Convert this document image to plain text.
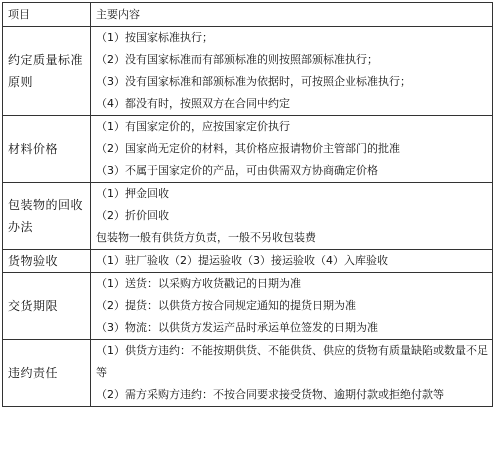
项目	主要内容
约定质量标准原则	（1）按国家标准执行；
（2）没有国家标准而有部颁标准的则按照部颁标准执行；
（3）没有国家标准和部颁标准为依据时，可按照企业标准执行；
（4）都没有时，按照双方在合同中约定

材料价格	（1）有国家定价的，应按国家定价执行
（2）国家尚无定价的材料，其价格应报请物价主管部门的批准
（3）不属于国家定价的产品，可由供需双方协商确定价格

包装物的回收办法	（1）押金回收
（2）折价回收
包装物一般有供货方负责，一般不另收包装费

货物验收	（1）驻厂验收（2）提运验收（3）接运验收（4）入库验收

交货期限	（1）送货：以采购方收货戳记的日期为准
（2）提货：以供货方按合同规定通知的提货日期为准
（3）物流：以供货方发运产品时承运单位签发的日期为准

违约责任	（1）供货方违约：不能按期供货、不能供货、供应的货物有质量缺陷或数量不足等
（2）需方采购方违约：不按合同要求接受货物、逾期付款或拒绝付款等
